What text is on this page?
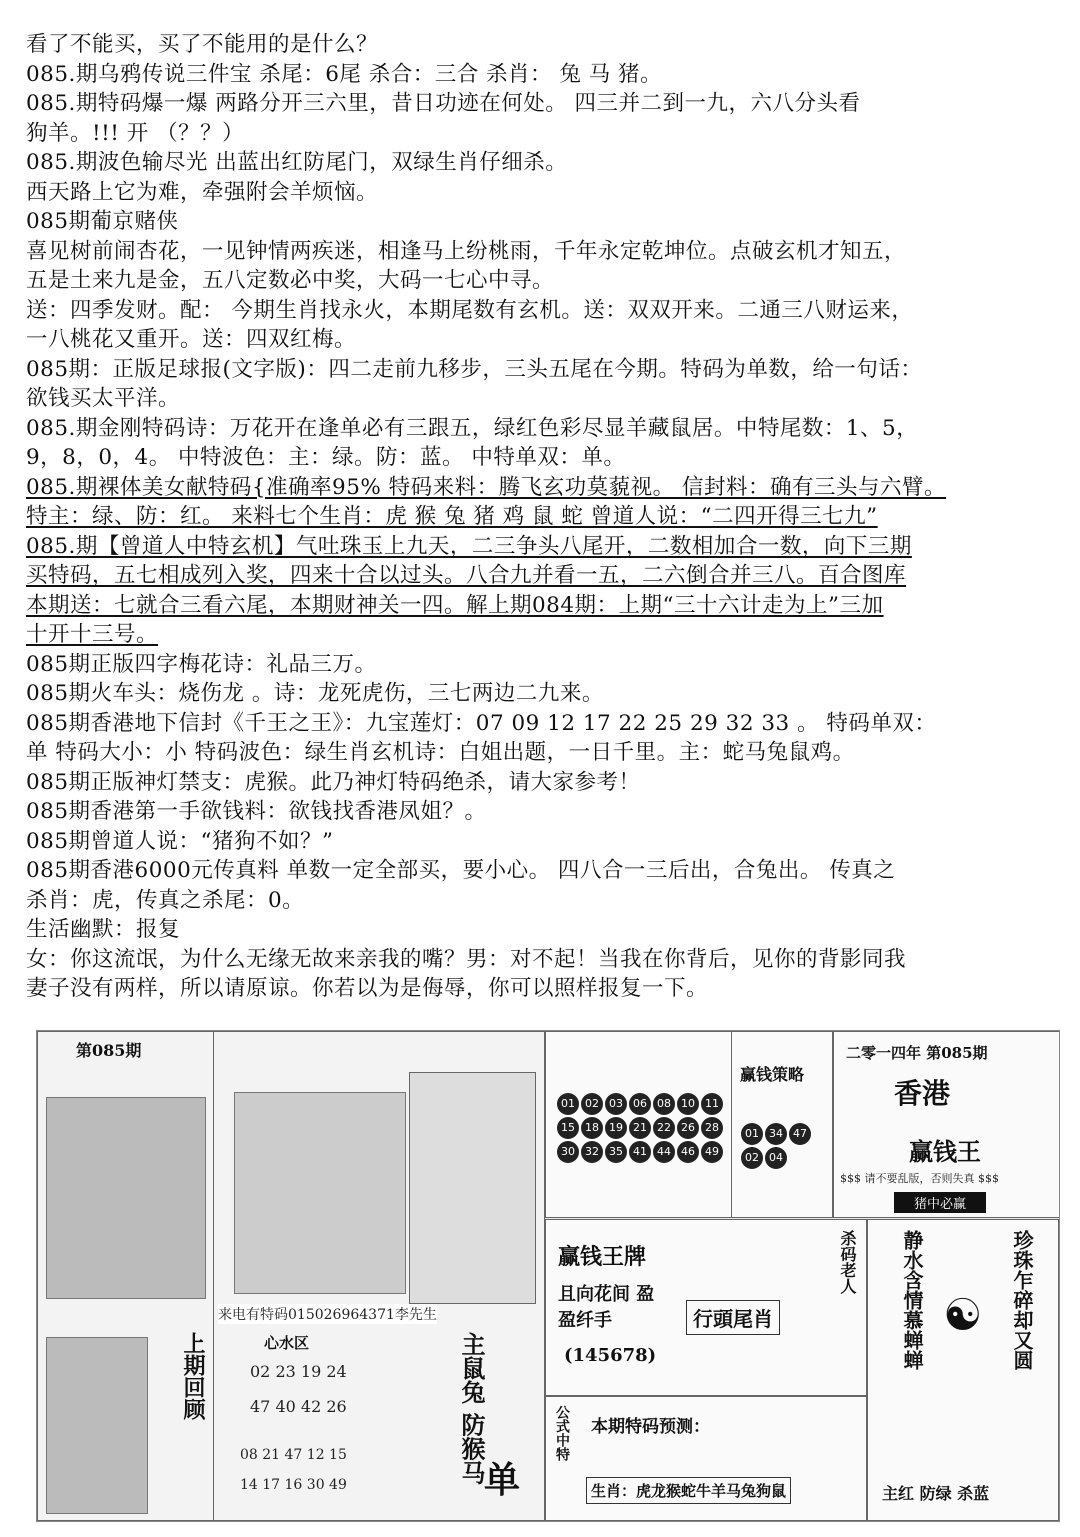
看了不能买，买了不能用的是什么？
085.期乌鸦传说三件宝 杀尾：6尾 杀合：三合 杀肖： 兔 马 猪。
085.期特码爆一爆 两路分开三六里，昔日功迹在何处。 四三并二到一九，六八分头看
狗羊。!!! 开 （？？）
085.期波色输尽光 出蓝出红防尾门，双绿生肖仔细杀。
西天路上它为难，牵强附会羊烦恼。
085期葡京赌侠
喜见树前闹杏花，一见钟情两疾迷，相逢马上纷桃雨，千年永定乾坤位。点破玄机才知五，
五是土来九是金，五八定数必中奖，大码一七心中寻。
送：四季发财。配： 今期生肖找永火，本期尾数有玄机。送：双双开来。二通三八财运来，
一八桃花又重开。送：四双红梅。
085期：正版足球报(文字版)：四二走前九移步，三头五尾在今期。特码为单数，给一句话：
欲钱买太平洋。
085.期金刚特码诗：万花开在逢单必有三跟五，绿红色彩尽显羊藏鼠居。中特尾数：1、5，
9，8，0，4。 中特波色：主：绿。防：蓝。 中特单双：单。
085.期裸体美女献特码{准确率95% 特码来料：腾飞玄功莫藐视。 信封料：确有三头与六臂。
特主：绿、防：红。 来料七个生肖：虎 猴 兔 猪 鸡 鼠 蛇 曾道人说：“二四开得三七九”
085.期【曾道人中特玄机】气吐珠玉上九天，二三争头八尾开，二数相加合一数，向下三期
买特码，五七相成列入奖，四来十合以过头。八合九并看一五，二六倒合并三八。百合图库
本期送：七就合三看六尾，本期财神关一四。解上期084期：上期“三十六计走为上”三加
十开十三号。
085期正版四字梅花诗：礼品三万。
085期火车头：烧伤龙 。诗：龙死虎伤，三七两边二九来。
085期香港地下信封《千王之王》：九宝莲灯：07 09 12 17 22 25 29 32 33 。 特码单双：
单 特码大小：小 特码波色：绿生肖玄机诗：白姐出题，一日千里。主：蛇马兔鼠鸡。
085期正版神灯禁支：虎猴。此乃神灯特码绝杀，请大家参考！
085期香港第一手欲钱料：欲钱找香港凤姐？。
085期曾道人说：“猪狗不如？”
085期香港6000元传真料 单数一定全部买，要小心。 四八合一三后出，合兔出。 传真之
杀肖：虎，传真之杀尾：0。
生活幽默：报复
女：你这流氓，为什么无缘无故来亲我的嘴？男：对不起！当我在你背后，见你的背影同我
妻子没有两样，所以请原谅。你若以为是侮辱，你可以照样报复一下。
第085期
上期回顾
来电有特码015026964371李先生
心水区
02 23 19 24
47 40 42 26
08 21 47 12 15
14 17 16 30 49
主鼠兔 防猴马
单
01 02 03 06 08 10 1115 18 19 21 22 26 2830 32 35 41 44 46 49
赢钱策略
01 34 4702 04
二零一四年 第085期
香港
赢钱王
$$$ 请不要乱版，否则失真 $$$
猪中必赢
赢钱王牌
且向花间 盈盈纤手
(145678)
行頭尾肖
杀码老人 静水含情慕蝉蝉	珍珠乍碎却又圆
☯
公式中特 本期特码预测：
生肖：虎龙猴蛇牛羊马兔狗鼠	主红 防绿 杀蓝
